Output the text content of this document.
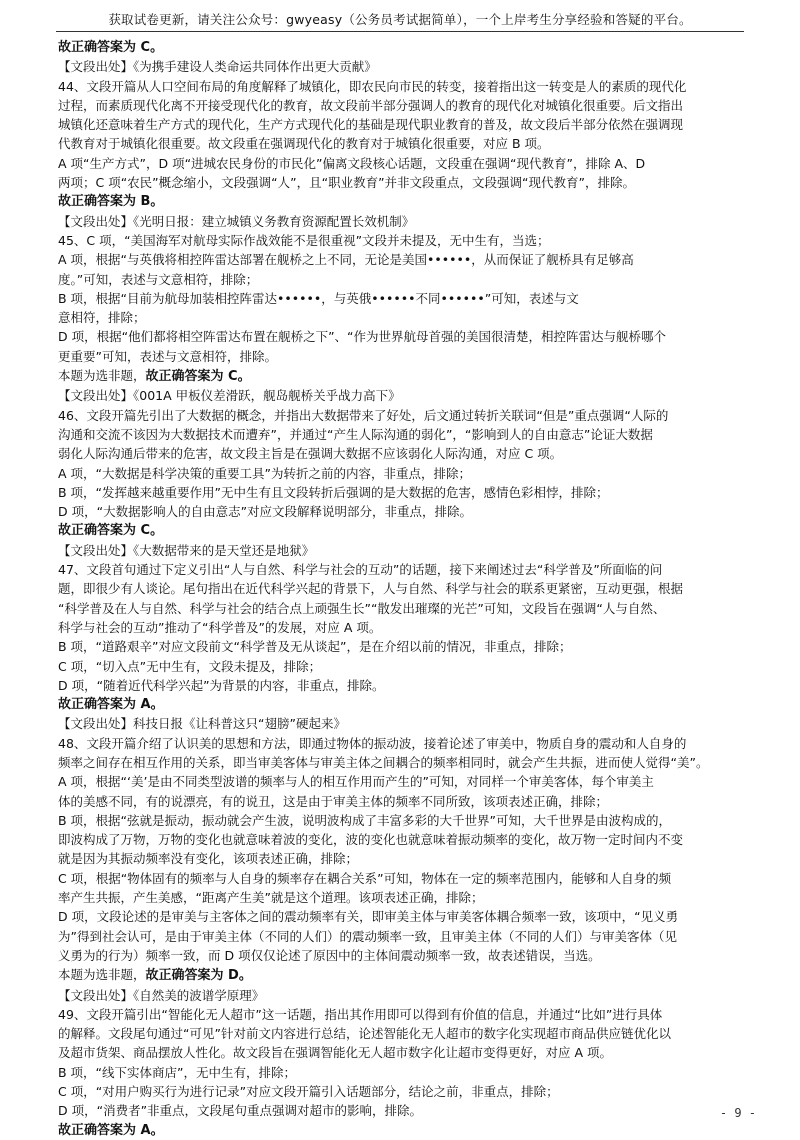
获取试卷更新，请关注公众号：gwyeasy（公务员考试据简单），一个上岸考生分享经验和答疑的平台。
故正确答案为 C。
【文段出处】《为携手建设人类命运共同体作出更大贡献》
44、文段开篇从人口空间布局的角度解释了城镇化，即农民向市民的转变，接着指出这一转变是人的素质的现代化
过程，而素质现代化离不开接受现代化的教育，故文段前半部分强调人的教育的现代化对城镇化很重要。后文指出
城镇化还意味着生产方式的现代化，生产方式现代化的基础是现代职业教育的普及，故文段后半部分依然在强调现
代教育对于城镇化很重要。故文段重在强调现代化的教育对于城镇化很重要，对应 B 项。
A 项“生产方式”，D 项“进城农民身份的市民化”偏离文段核心话题，文段重在强调“现代教育”，排除 A、D
两项；C 项“农民”概念缩小，文段强调“人”，且“职业教育”并非文段重点，文段强调“现代教育”，排除。
故正确答案为 B。
【文段出处】《光明日报：建立城镇义务教育资源配置长效机制》
45、C 项，“美国海军对航母实际作战效能不是很重视”文段并未提及，无中生有，当选；
A 项，根据“与英俄将相控阵雷达部署在舰桥之上不同，无论是美国••••••，从而保证了舰桥具有足够高
度。”可知，表述与文意相符，排除；
B 项，根据“目前为航母加装相控阵雷达••••••，与英俄••••••不同••••••”可知，表述与文
意相符，排除；
D 项，根据“他们都将相空阵雷达布置在舰桥之下”、“作为世界航母首强的美国很清楚，相控阵雷达与舰桥哪个
更重要”可知，表述与文意相符，排除。
本题为选非题，故正确答案为 C。
【文段出处】《001A 甲板仪差滑跃，舰岛舰桥关乎战力高下》
46、文段开篇先引出了大数据的概念，并指出大数据带来了好处，后文通过转折关联词“但是”重点强调“人际的
沟通和交流不该因为大数据技术而遭弃”，并通过“产生人际沟通的弱化”，“影响到人的自由意志”论证大数据
弱化人际沟通后带来的危害，故文段主旨是在强调大数据不应该弱化人际沟通，对应 C 项。
A 项，“大数据是科学决策的重要工具”为转折之前的内容，非重点，排除；
B 项，“发挥越来越重要作用”无中生有且文段转折后强调的是大数据的危害，感情色彩相悖，排除；
D 项，“大数据影响人的自由意志”对应文段解释说明部分，非重点，排除。
故正确答案为 C。
【文段出处】《大数据带来的是天堂还是地狱》
47、文段首句通过下定义引出“人与自然、科学与社会的互动”的话题，接下来阐述过去“科学普及”所面临的问
题，即很少有人谈论。尾句指出在近代科学兴起的背景下，人与自然、科学与社会的联系更紧密，互动更强，根据
“科学普及在人与自然、科学与社会的结合点上顽强生长”“散发出璀璨的光芒”可知，文段旨在强调“人与自然、
科学与社会的互动”推动了“科学普及”的发展，对应 A 项。
B 项，“道路艰辛”对应文段前文“科学普及无从谈起”，是在介绍以前的情况，非重点，排除；
C 项，“切入点”无中生有，文段未提及，排除；
D 项，“随着近代科学兴起”为背景的内容，非重点，排除。
故正确答案为 A。
【文段出处】科技日报《让科普这只“翅膀”硬起来》
48、文段开篇介绍了认识美的思想和方法，即通过物体的振动波，接着论述了审美中，物质自身的震动和人自身的
频率之间存在相互作用的关系，即当审美客体与审美主体之间耦合的频率相同时，就会产生共振，进而使人觉得“美”。
A 项，根据“‘美’是由不同类型波谱的频率与人的相互作用而产生的”可知，对同样一个审美客体，每个审美主
体的美感不同，有的说漂亮，有的说丑，这是由于审美主体的频率不同所致，该项表述正确，排除；
B 项，根据“弦就是振动，振动就会产生波，说明波构成了丰富多彩的大千世界”可知，大千世界是由波构成的，
即波构成了万物，万物的变化也就意味着波的变化，波的变化也就意味着振动频率的变化，故万物一定时间内不变
就是因为其振动频率没有变化，该项表述正确，排除；
C 项，根据“物体固有的频率与人自身的频率存在耦合关系”可知，物体在一定的频率范围内，能够和人自身的频
率产生共振，产生美感，“距离产生美”就是这个道理。该项表述正确，排除；
D 项，文段论述的是审美与主客体之间的震动频率有关，即审美主体与审美客体耦合频率一致，该项中，“见义勇
为”得到社会认可，是由于审美主体（不同的人们）的震动频率一致，且审美主体（不同的人们）与审美客体（见
义勇为的行为）频率一致，而 D 项仅仅论述了原因中的主体间震动频率一致，故表述错误，当选。
本题为选非题，故正确答案为 D。
【文段出处】《自然美的波谱学原理》
49、文段开篇引出“智能化无人超市”这一话题，指出其作用即可以得到有价值的信息，并通过“比如”进行具体
的解释。文段尾句通过“可见”针对前文内容进行总结，论述智能化无人超市的数字化实现超市商品供应链优化以
及超市货架、商品摆放人性化。故文段旨在强调智能化无人超市数字化让超市变得更好，对应 A 项。
B 项，“线下实体商店”，无中生有，排除；
C 项，“对用户购买行为进行记录”对应文段开篇引入话题部分，结论之前，非重点，排除；
D 项，“消费者”非重点，文段尾句重点强调对超市的影响，排除。
故正确答案为 A。
- 9 -
